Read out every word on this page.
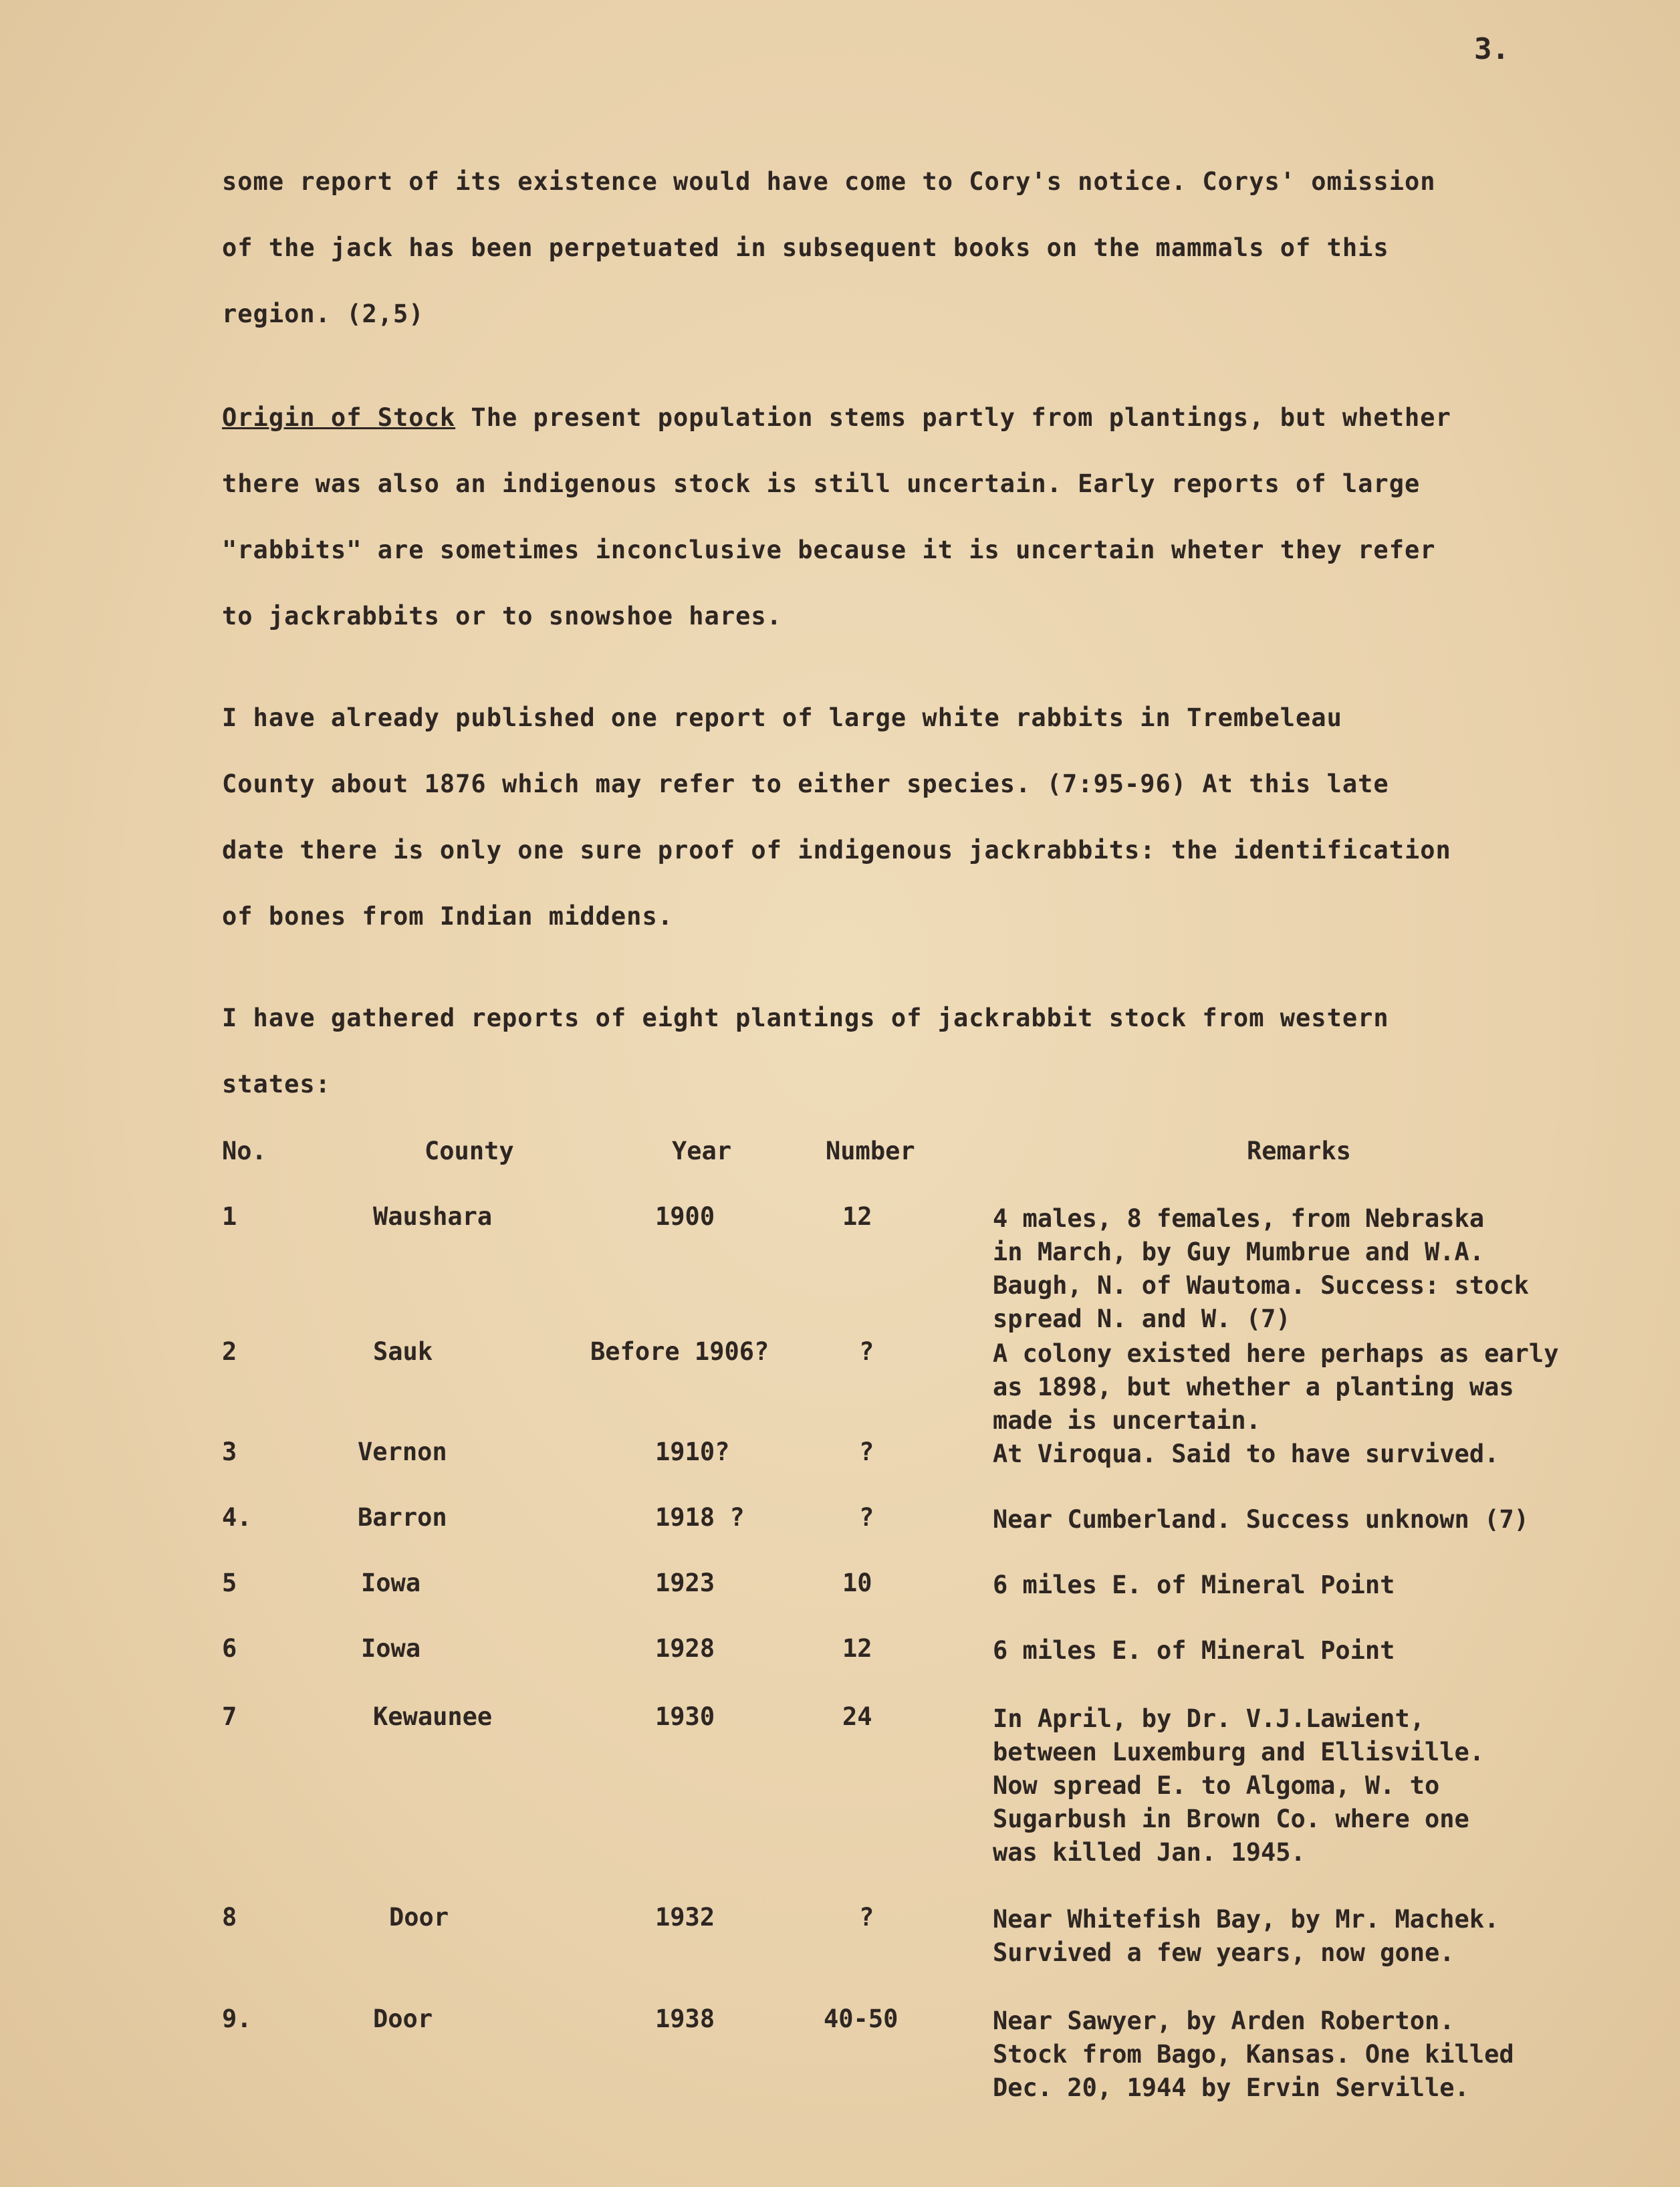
3.

some report of its existence would have come to Cory's notice. Corys' omission
of the jack has been perpetuated in subsequent books on the mammals of this
region. (2,5)

Origin of Stock The present population stems partly from plantings, but whether

there was also an indigenous stock is still uncertain. Early reports of large
"rabbits" are sometimes inconclusive because it is uncertain wheter they refer
to jackrabbits or to snowshoe hares.

I have already published one report of large white rabbits in Trembeleau
County about 1876 which may refer to either species. (7:95-96) At this late
date there is only one sure proof of indigenous jackrabbits: the identification
of bones from Indian middens.

I have gathered reports of eight plantings of jackrabbit stock from western
states:

No.	County	Year	Number	Remarks
1	Waushara	1900	12	4 males, 8 females, from Nebraska
in March, by Guy Mumbrue and W.A.
Baugh, N. of Wautoma. Success: stock
spread N. and W. (7)
2	Sauk	Before 1906?	?	A colony existed here perhaps as early
as 1898, but whether a planting was
made is uncertain.
3	Vernon	1910?	?	At Viroqua. Said to have survived.
4.	Barron	1918 ?	?	Near Cumberland. Success unknown (7)
5	Iowa	1923	10	6 miles E. of Mineral Point
6	Iowa	1928	12	6 miles E. of Mineral Point
7	Kewaunee	1930	24	In April, by Dr. V.J.Lawient,
between Luxemburg and Ellisville.
Now spread E. to Algoma, W. to
Sugarbush in Brown Co. where one
was killed Jan. 1945.
8	Door	1932	?	Near Whitefish Bay, by Mr. Machek.
Survived a few years, now gone.
9.	Door	1938	40-50	Near Sawyer, by Arden Roberton.
Stock from Bago, Kansas. One killed
Dec. 20, 1944 by Ervin Serville.
